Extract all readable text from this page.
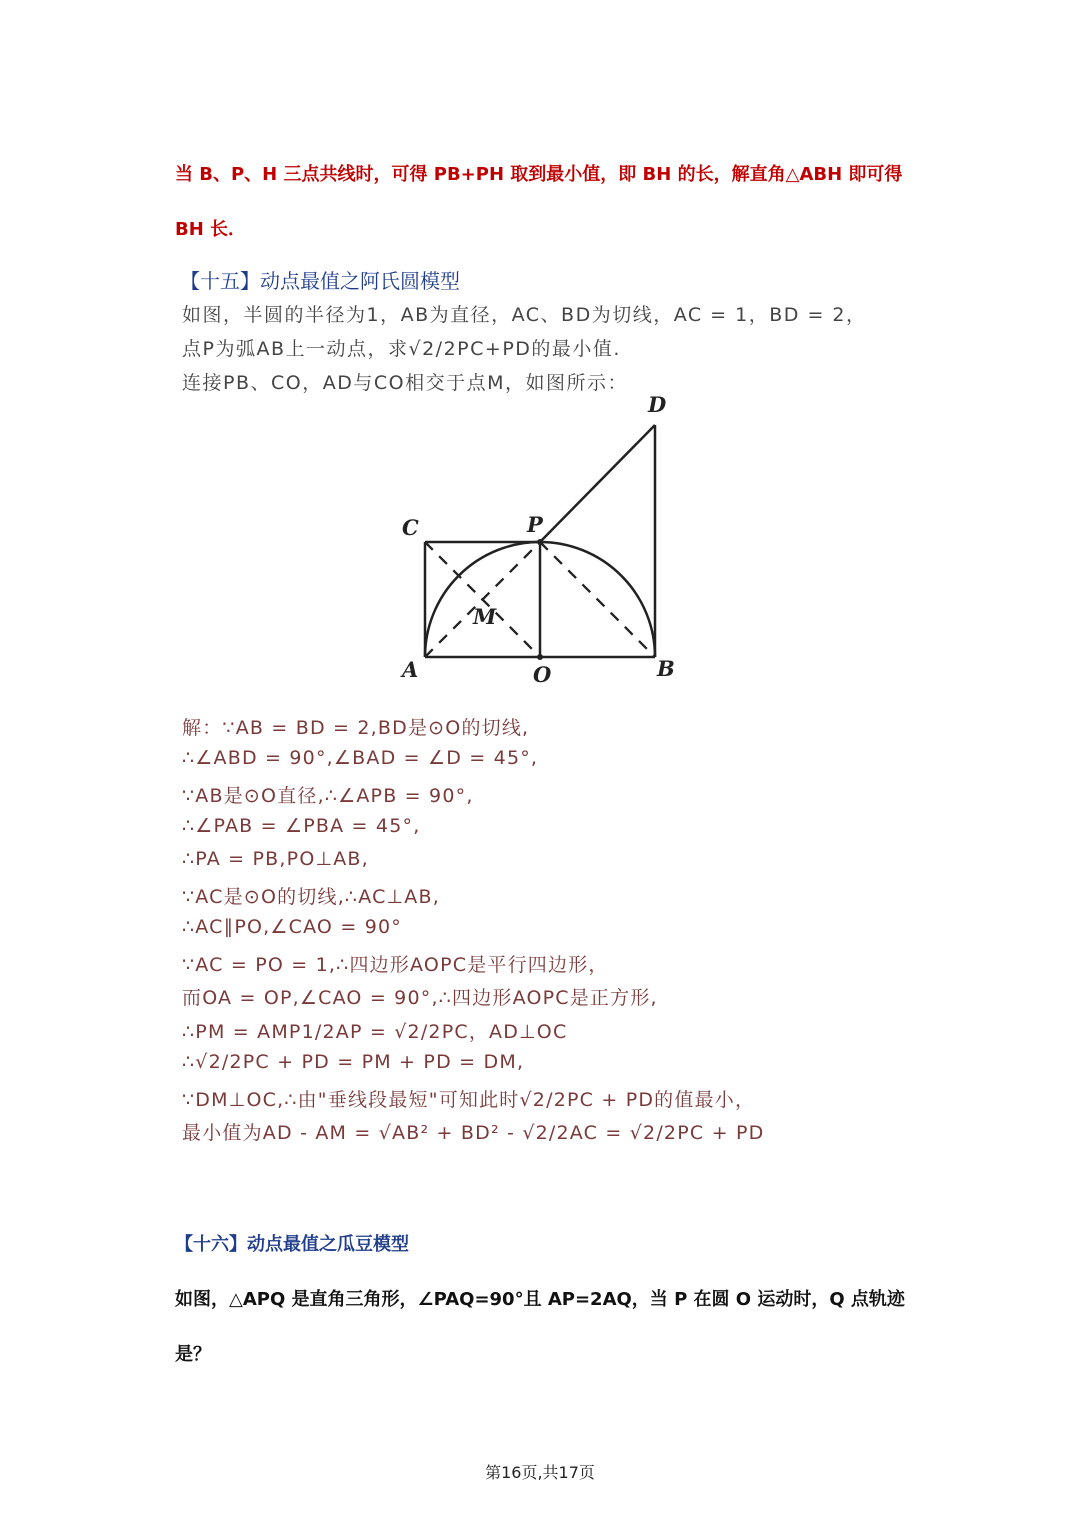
当 B、P、H 三点共线时，可得 PB+PH 取到最小值，即 BH 的长，解直角△ABH 即可得
BH 长．
【十五】动点最值之阿氏圆模型
如图，半圆的半径为1，AB为直径，AC、BD为切线，AC = 1，BD = 2，
点P为弧AB上一动点，求√2/2PC+PD的最小值.
连接PB、CO，AD与CO相交于点M，如图所示：
C	P
D
A	O	B
M
解：∵AB = BD = 2,BD是⊙O的切线,
∴∠ABD = 90°,∠BAD = ∠D = 45°,
∵AB是⊙O直径,∴∠APB = 90°,
∴∠PAB = ∠PBA = 45°,
∴PA = PB,PO⊥AB,
∵AC是⊙O的切线,∴AC⊥AB,
∴AC∥PO,∠CAO = 90°
∵AC = PO = 1,∴四边形AOPC是平行四边形，
而OA = OP,∠CAO = 90°,∴四边形AOPC是正方形,
∴PM = AMP1/2AP = √2/2PC，AD⊥OC
∴√2/2PC + PD = PM + PD = DM,
∵DM⊥OC,∴由"垂线段最短"可知此时√2/2PC + PD的值最小，
最小值为AD - AM = √AB² + BD² - √2/2AC = √2/2PC + PD
【十六】动点最值之瓜豆模型
如图，△APQ 是直角三角形，∠PAQ=90°且 AP=2AQ，当 P 在圆 O 运动时，Q 点轨迹
是？
第16页,共17页
